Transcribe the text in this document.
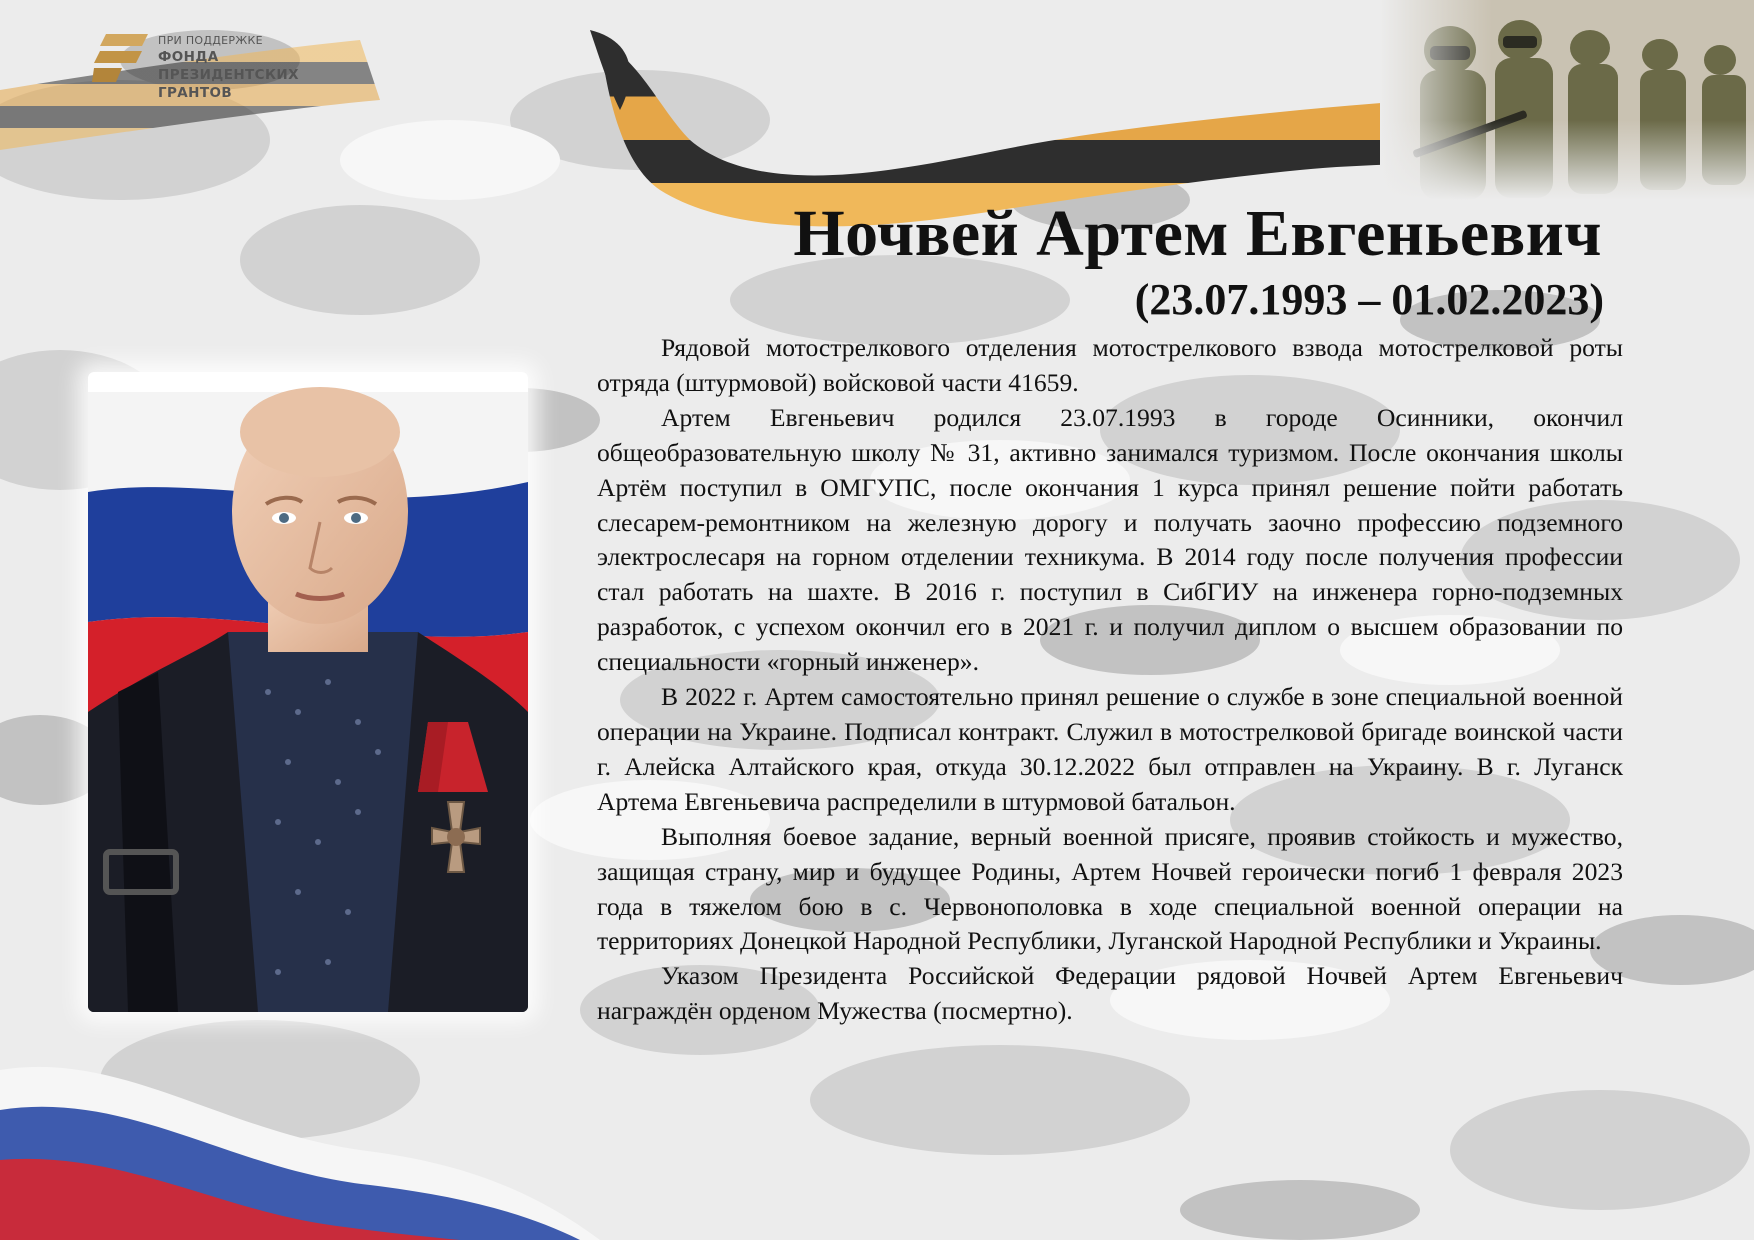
ПРИ ПОДДЕРЖКЕ
ФОНДА
ПРЕЗИДЕНТСКИХ
ГРАНТОВ
Ночвей Артем Евгеньевич
(23.07.1993 – 01.02.2023)

Рядовой мотострелкового отделения мотострелкового взвода мотострелковой роты отряда (штурмовой) войсковой части 41659.

Артем Евгеньевич родился 23.07.1993 в городе Осинники, окончил общеобразовательную школу № 31, активно занимался туризмом. После окончания школы Артём поступил в ОМГУПС, после окончания 1 курса принял решение пойти работать слесарем-ремонтником на железную дорогу и получать заочно профессию подземного электрослесаря на горном отделении техникума. В 2014 году после получения профессии стал работать на шахте. В 2016 г. поступил в СибГИУ на инженера горно-подземных разработок, с успехом окончил его в 2021 г. и получил диплом о высшем образовании по специальности «горный инженер».

В 2022 г. Артем самостоятельно принял решение о службе в зоне специальной военной операции на Украине. Подписал контракт. Служил в мотострелковой бригаде воинской части г. Алейска Алтайского края, откуда 30.12.2022 был отправлен на Украину. В г. Луганск Артема Евгеньевича распределили в штурмовой батальон.

Выполняя боевое задание, верный военной присяге, проявив стойкость и мужество, защищая страну, мир и будущее Родины, Артем Ночвей героически погиб 1 февраля 2023 года в тяжелом бою в с. Червонополовка в ходе специальной военной операции на территориях Донецкой Народной Республики, Луганской Народной Республики и Украины.

Указом Президента Российской Федерации рядовой Ночвей Артем Евгеньевич награждён орденом Мужества (посмертно).
